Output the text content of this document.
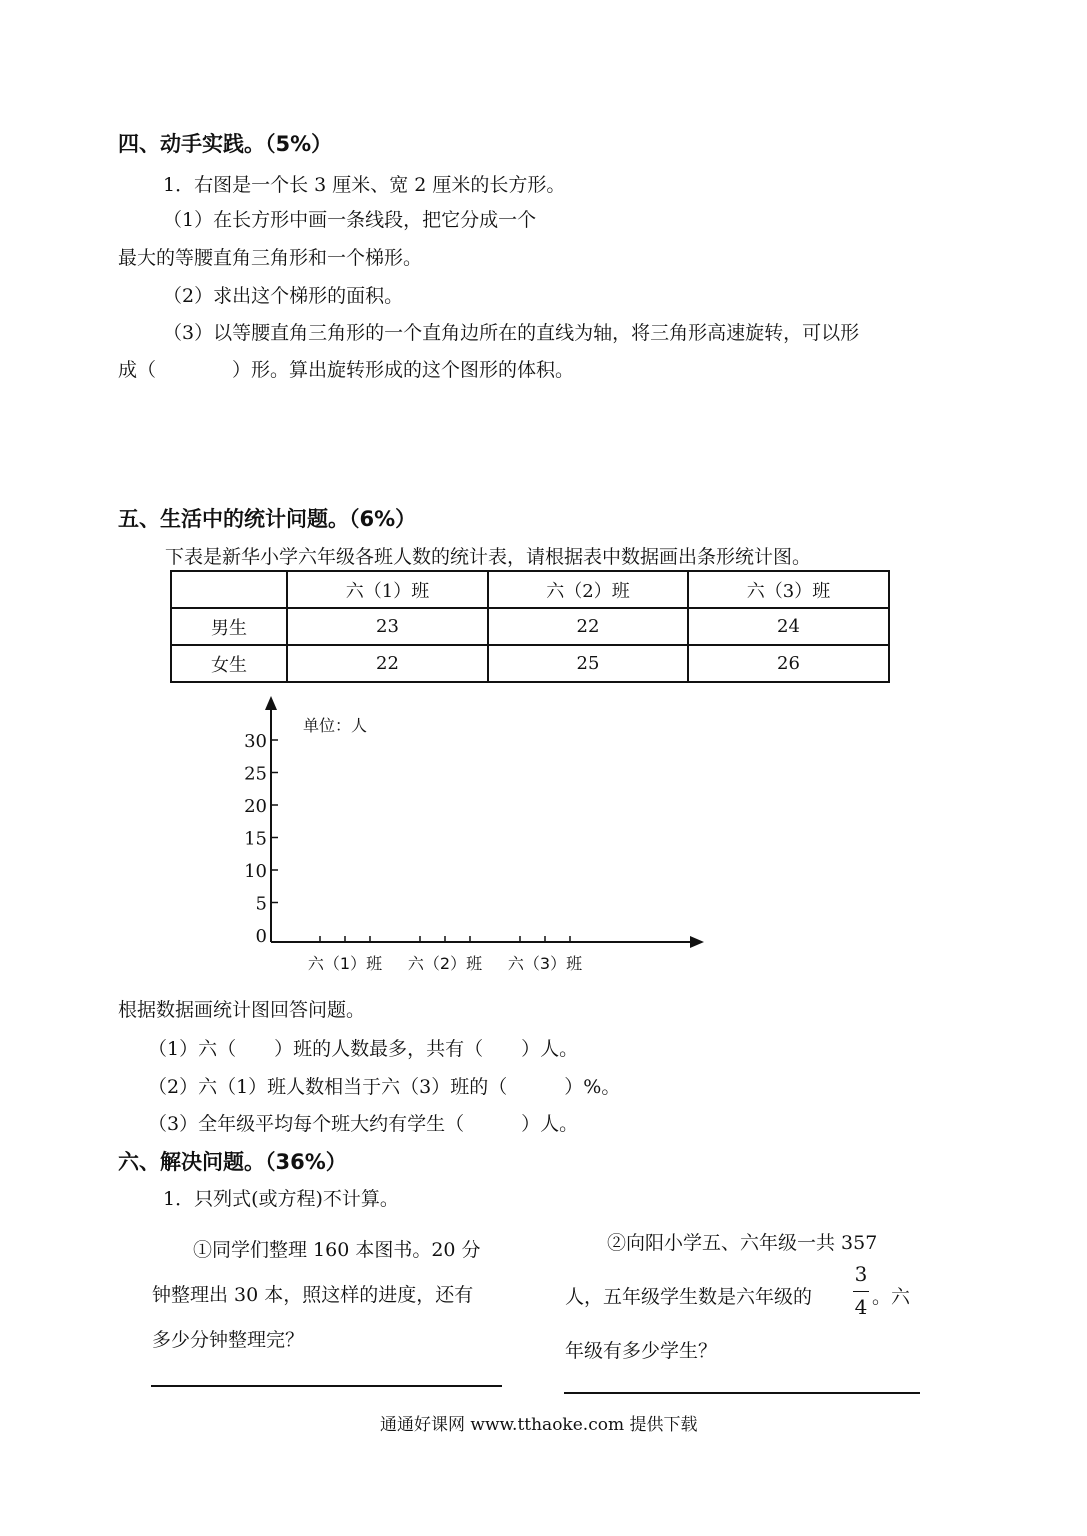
四、动手实践。（5%）
1．右图是一个长 3 厘米、宽 2 厘米的长方形。
（1）在长方形中画一条线段，把它分成一个
最大的等腰直角三角形和一个梯形。
（2）求出这个梯形的面积。
（3）以等腰直角三角形的一个直角边所在的直线为轴，将三角形高速旋转，可以形
成（　　　　）形。算出旋转形成的这个图形的体积。
五、生活中的统计问题。（6%）
下表是新华小学六年级各班人数的统计表，请根据表中数据画出条形统计图。
	六（1）班	六（2）班	六（3）班
男生	23	22	24
女生	22	25	26
单位：人
30
25
20
15
10
5
0
六（1）班 六（2）班 六（3）班
根据数据画统计图回答问题。
（1）六（　　）班的人数最多，共有（　　）人。
（2）六（1）班人数相当于六（3）班的（　　　）%。
（3）全年级平均每个班大约有学生（　　　）人。
六、解决问题。（36%）
1．只列式(或方程)不计算。
①同学们整理 160 本图书。20 分
钟整理出 30 本，照这样的进度，还有
多少分钟整理完？
②向阳小学五、六年级一共 357
人，五年级学生数是六年级的
3
4 。六
年级有多少学生？
通通好课网 www.tthaoke.com 提供下载
